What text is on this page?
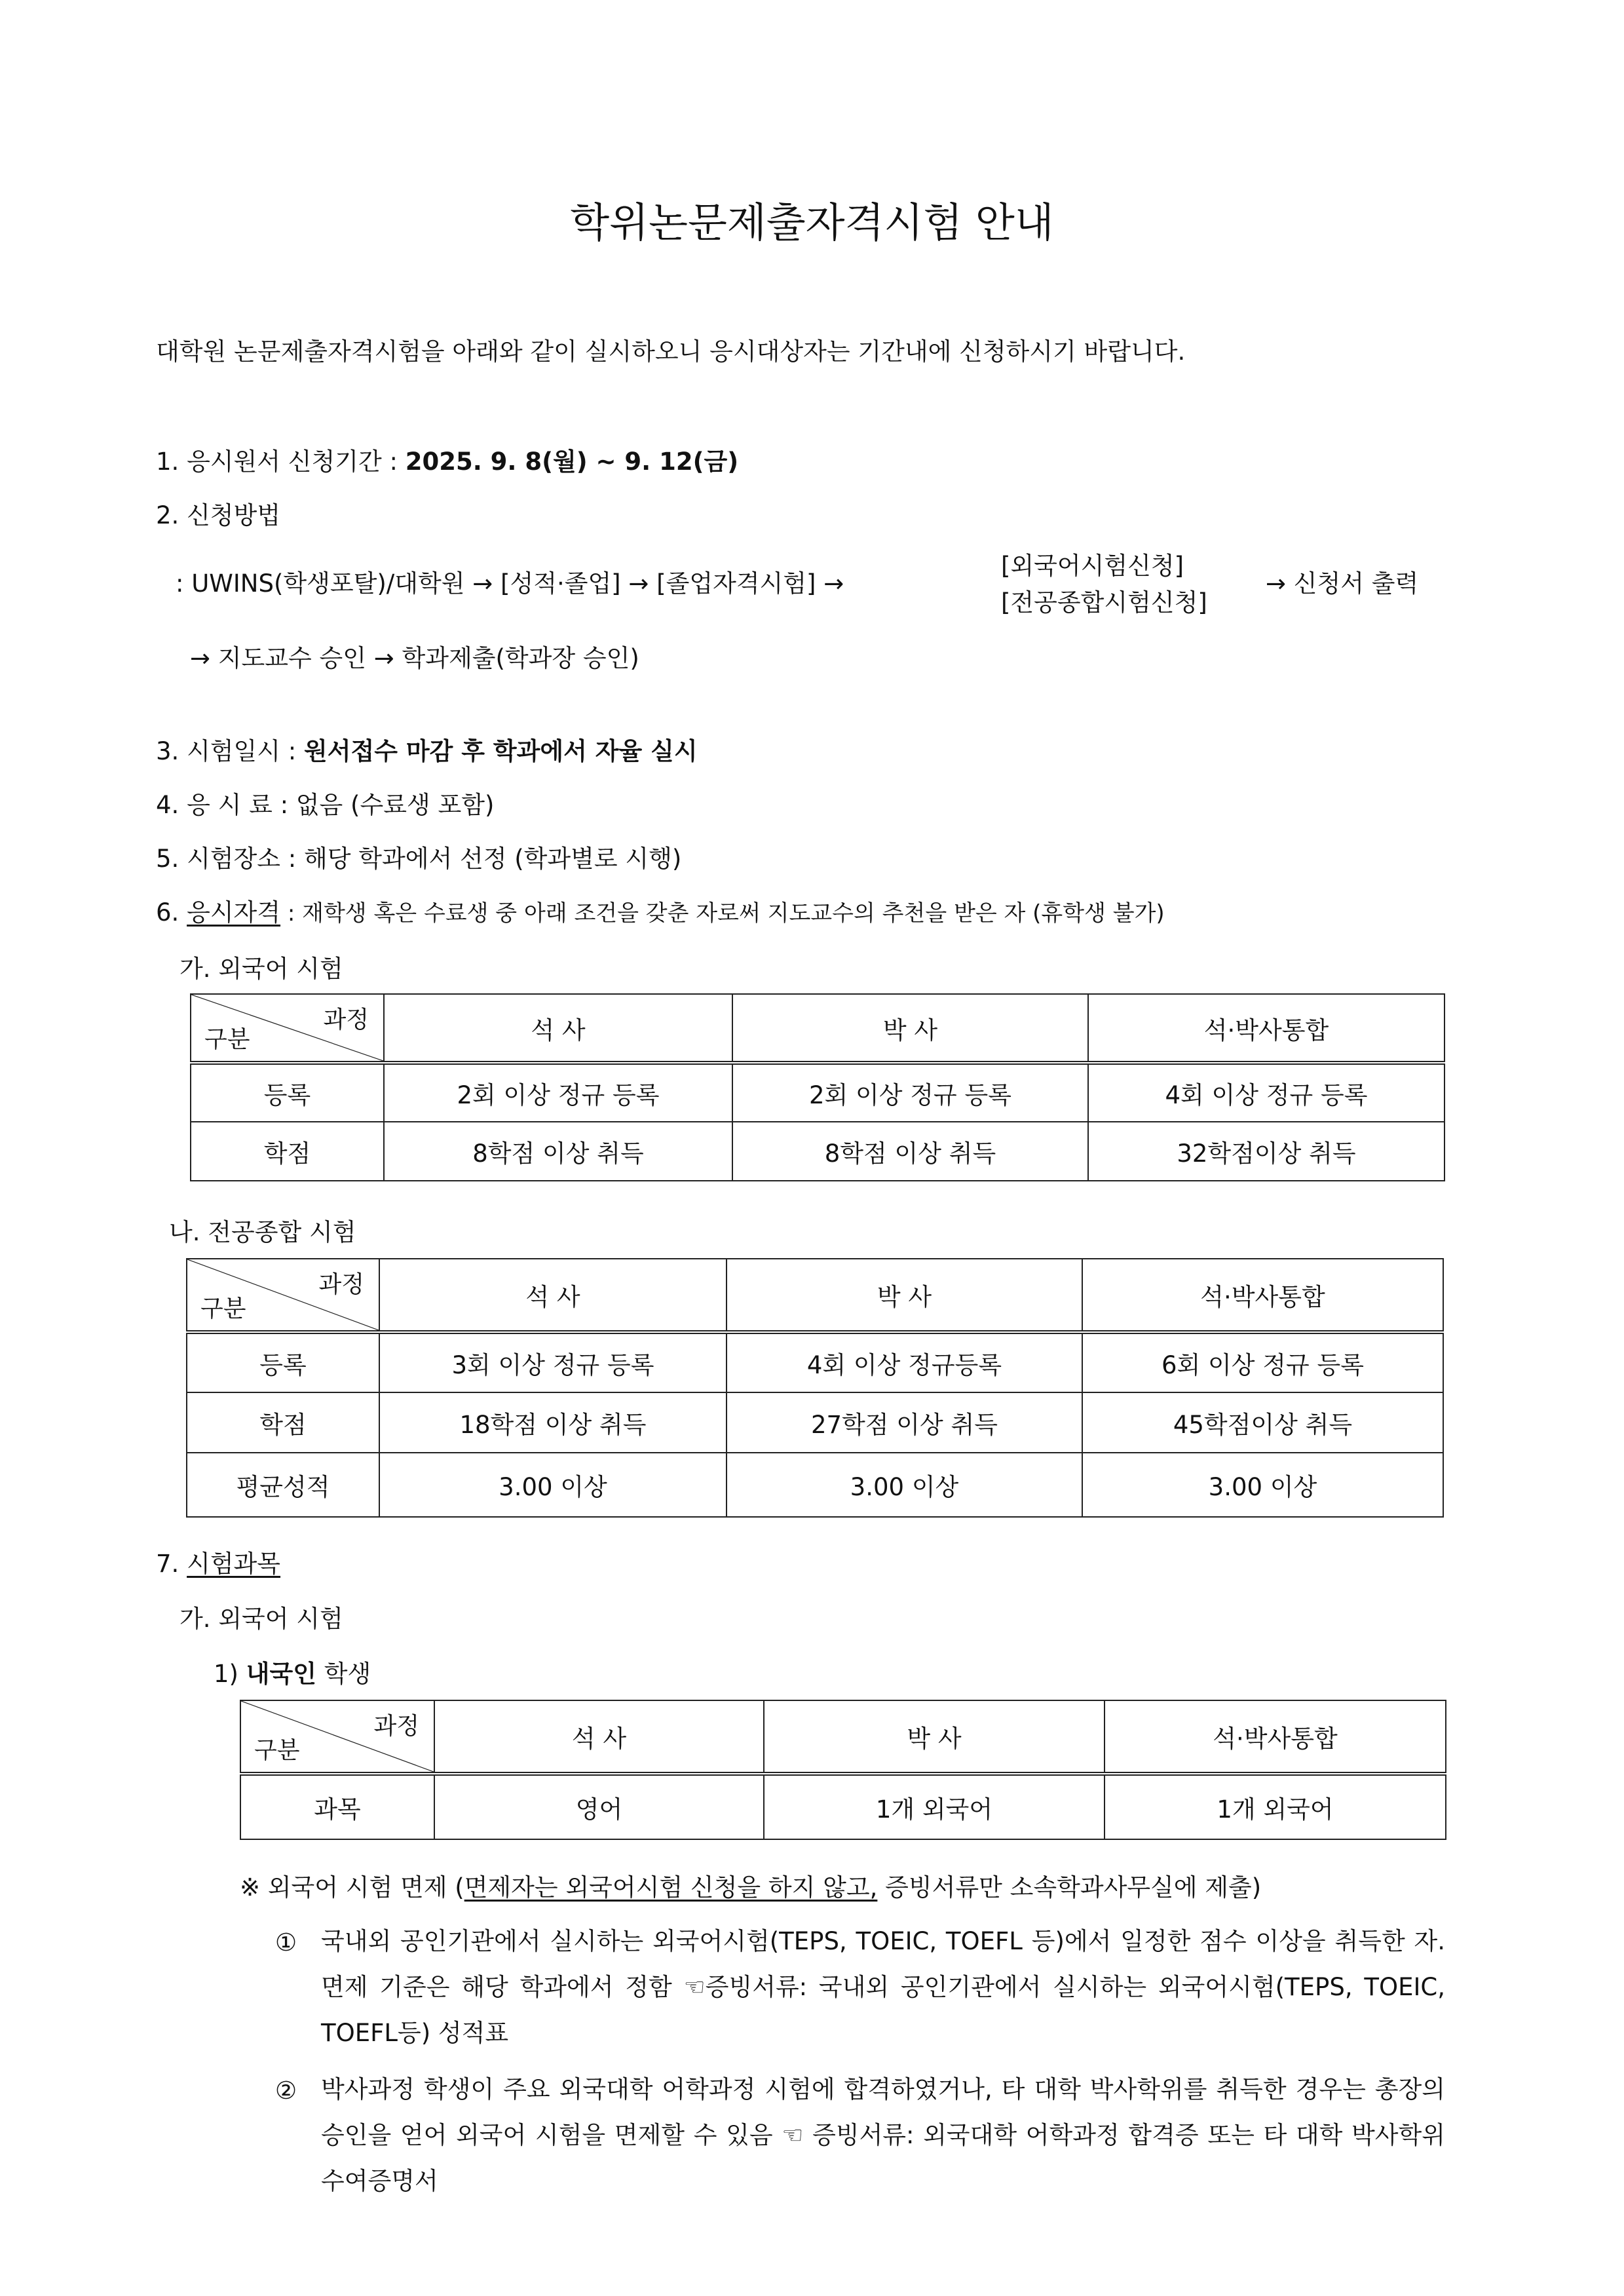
학위논문제출자격시험 안내
대학원 논문제출자격시험을 아래와 같이 실시하오니 응시대상자는 기간내에 신청하시기 바랍니다.
1. 응시원서 신청기간 : 2025. 9. 8(월) ~ 9. 12(금)
2. 신청방법
: UWINS(학생포탈)/대학원 → [성적·졸업] → [졸업자격시험] →
[외국어시험신청]
[전공종합시험신청]
→ 신청서 출력
→ 지도교수 승인 → 학과제출(학과장 승인)
3. 시험일시 : 원서접수 마감 후 학과에서 자율 실시
4. 응 시 료 : 없음 (수료생 포함)
5. 시험장소 : 해당 학과에서 선정 (학과별로 시행)
6. 응시자격 : 재학생 혹은 수료생 중 아래 조건을 갖춘 자로써 지도교수의 추천을 받은 자 (휴학생 불가)
가. 외국어 시험
과정
구분	석 사	박 사	석·박사통합
등록	2회 이상 정규 등록	2회 이상 정규 등록	4회 이상 정규 등록
학점	8학점 이상 취득	8학점 이상 취득	32학점이상 취득
나. 전공종합 시험
과정
구분	석 사	박 사	석·박사통합
등록	3회 이상 정규 등록	4회 이상 정규등록	6회 이상 정규 등록
학점	18학점 이상 취득	27학점 이상 취득	45학점이상 취득
평균성적	3.00 이상	3.00 이상	3.00 이상
7. 시험과목
가. 외국어 시험
1) 내국인 학생
과정
구분	석 사	박 사	석·박사통합
과목	영어	1개 외국어	1개 외국어
※ 외국어 시험 면제 (면제자는 외국어시험 신청을 하지 않고, 증빙서류만 소속학과사무실에 제출)
① 국내외 공인기관에서 실시하는 외국어시험(TEPS, TOEIC, TOEFL 등)에서 일정한 점수 이상을 취득한 자. 면제 기준은 해당 학과에서 정함 ☜증빙서류: 국내외 공인기관에서 실시하는 외국어시험(TEPS, TOEIC, TOEFL등) 성적표
② 박사과정 학생이 주요 외국대학 어학과정 시험에 합격하였거나, 타 대학 박사학위를 취득한 경우는 총장의 승인을 얻어 외국어 시험을 면제할 수 있음 ☜ 증빙서류: 외국대학 어학과정 합격증 또는 타 대학 박사학위수여증명서
